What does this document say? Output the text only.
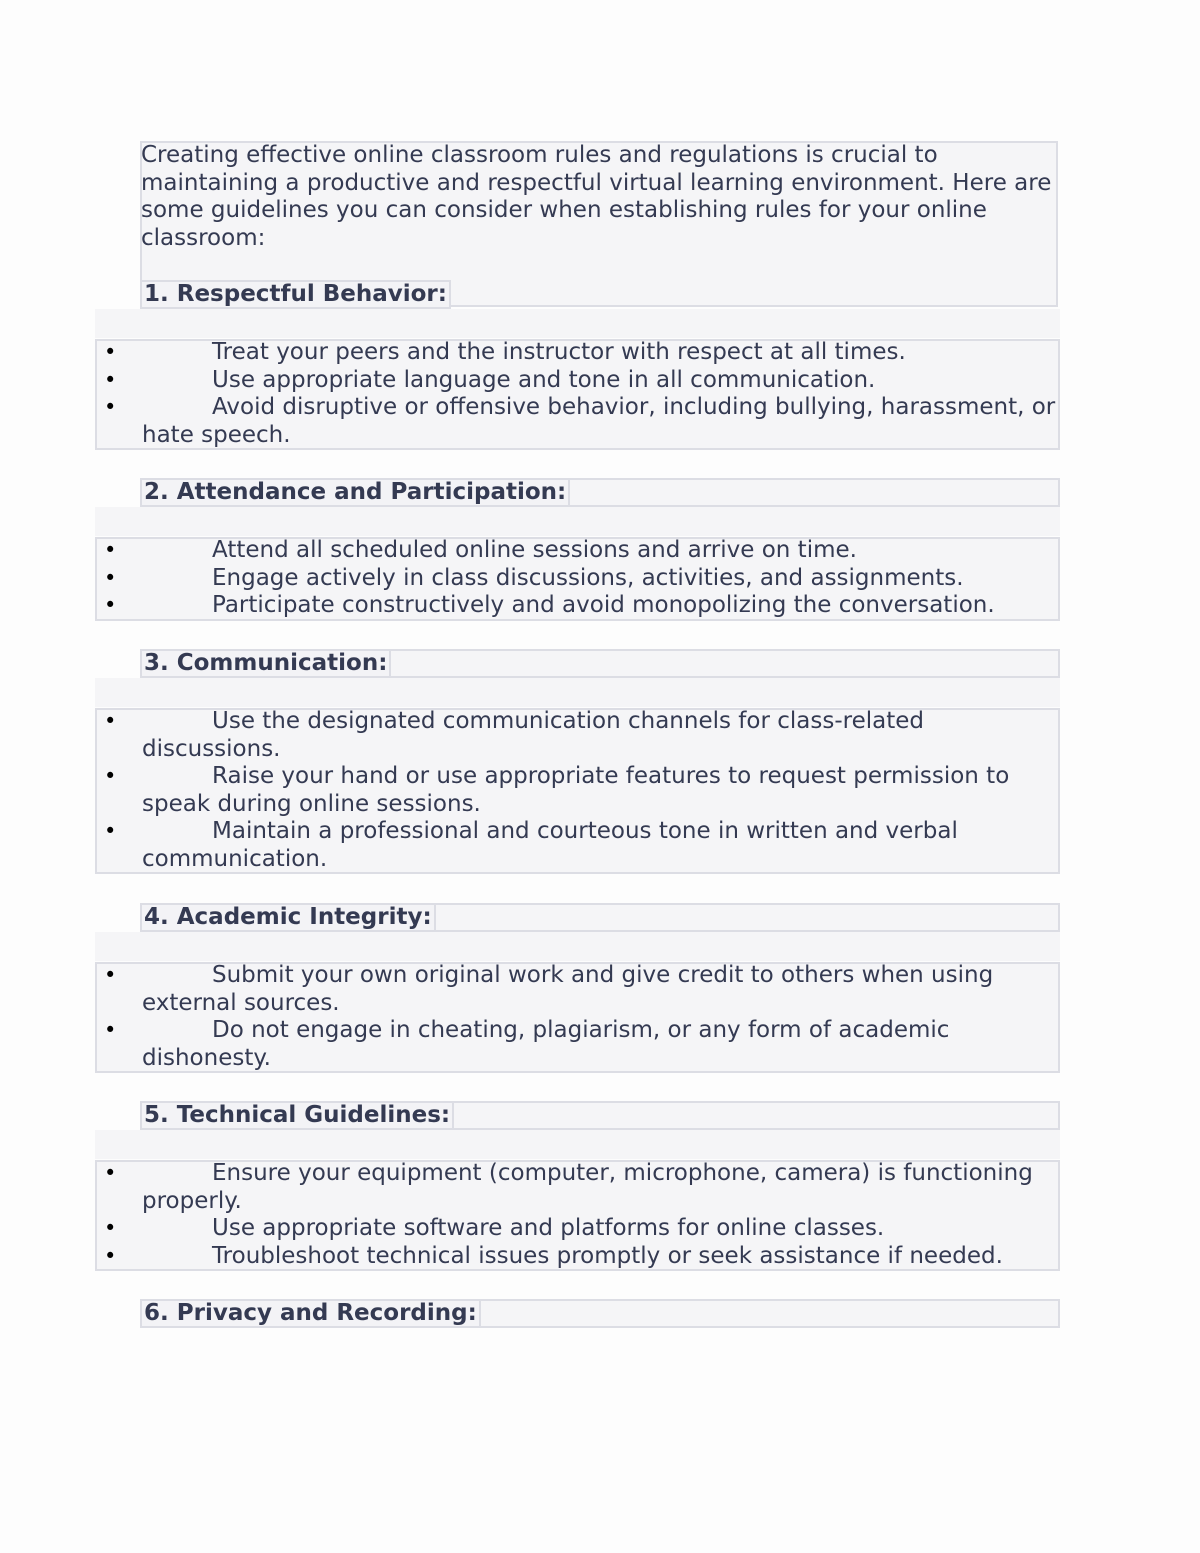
Creating effective online classroom rules and regulations is crucial to maintaining a productive and respectful virtual learning environment. Here are some guidelines you can consider when establishing rules for your online classroom:

1. Respectful Behavior:
•	Treat your peers and the instructor with respect at all times.
•	Use appropriate language and tone in all communication.
•	Avoid disruptive or offensive behavior, including bullying, harassment, or hate speech.
2. Attendance and Participation:
•	Attend all scheduled online sessions and arrive on time.
•	Engage actively in class discussions, activities, and assignments.
•	Participate constructively and avoid monopolizing the conversation.
3. Communication:
•	Use the designated communication channels for class-related discussions.
•	Raise your hand or use appropriate features to request permission to speak during online sessions.
•	Maintain a professional and courteous tone in written and verbal communication.
4. Academic Integrity:
•	Submit your own original work and give credit to others when using external sources.
•	Do not engage in cheating, plagiarism, or any form of academic dishonesty.
5. Technical Guidelines:
•	Ensure your equipment (computer, microphone, camera) is functioning properly.
•	Use appropriate software and platforms for online classes.
•	Troubleshoot technical issues promptly or seek assistance if needed.
6. Privacy and Recording:
